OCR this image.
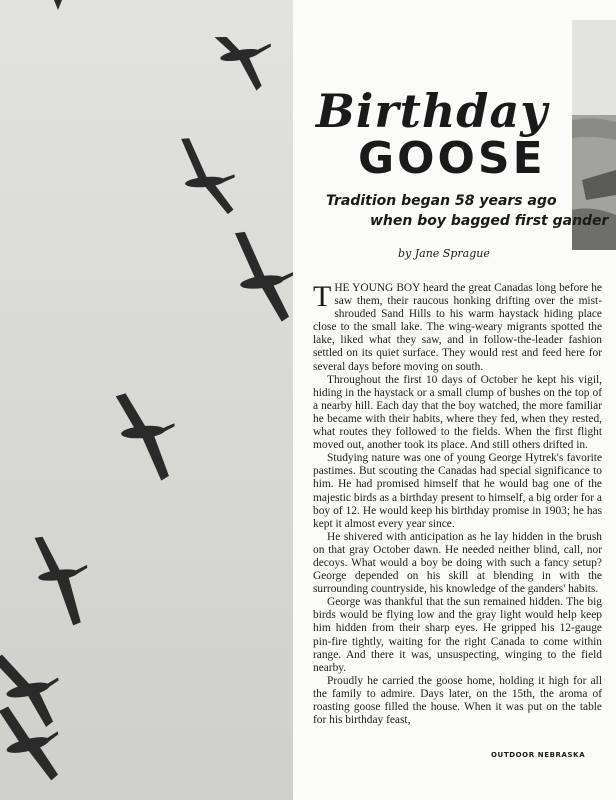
Birthday
GOOSE
Tradition began 58 years ago
when boy bagged first gander
by Jane Sprague

THE YOUNG BOY heard the great Canadas long before he saw them, their raucous honking drifting over the mist-shrouded Sand Hills to his warm haystack hiding place close to the small lake. The wing-weary migrants spotted the lake, liked what they saw, and in follow-the-leader fashion settled on its quiet surface. They would rest and feed here for several days before moving on south.

Throughout the first 10 days of October he kept his vigil, hiding in the haystack or a small clump of bushes on the top of a nearby hill. Each day that the boy watched, the more familiar he became with their habits, where they fed, when they rested, what routes they followed to the fields. When the first flight moved out, another took its place. And still others drifted in.

Studying nature was one of young George Hytrek's favorite pastimes. But scouting the Canadas had special significance to him. He had promised himself that he would bag one of the majestic birds as a birthday present to himself, a big order for a boy of 12. He would keep his birthday promise in 1903; he has kept it almost every year since.

He shivered with anticipation as he lay hidden in the brush on that gray October dawn. He needed neither blind, call, nor decoys. What would a boy be doing with such a fancy setup? George depended on his skill at blending in with the surrounding countryside, his knowledge of the ganders' habits.

George was thankful that the sun remained hidden. The big birds would be flying low and the gray light would help keep him hidden from their sharp eyes. He gripped his 12-gauge pin-fire tightly, waiting for the right Canada to come within range. And there it was, unsuspecting, winging to the field nearby.

Proudly he carried the goose home, holding it high for all the family to admire. Days later, on the 15th, the aroma of roasting goose filled the house. When it was put on the table for his birthday feast,

OUTDOOR NEBRASKA
